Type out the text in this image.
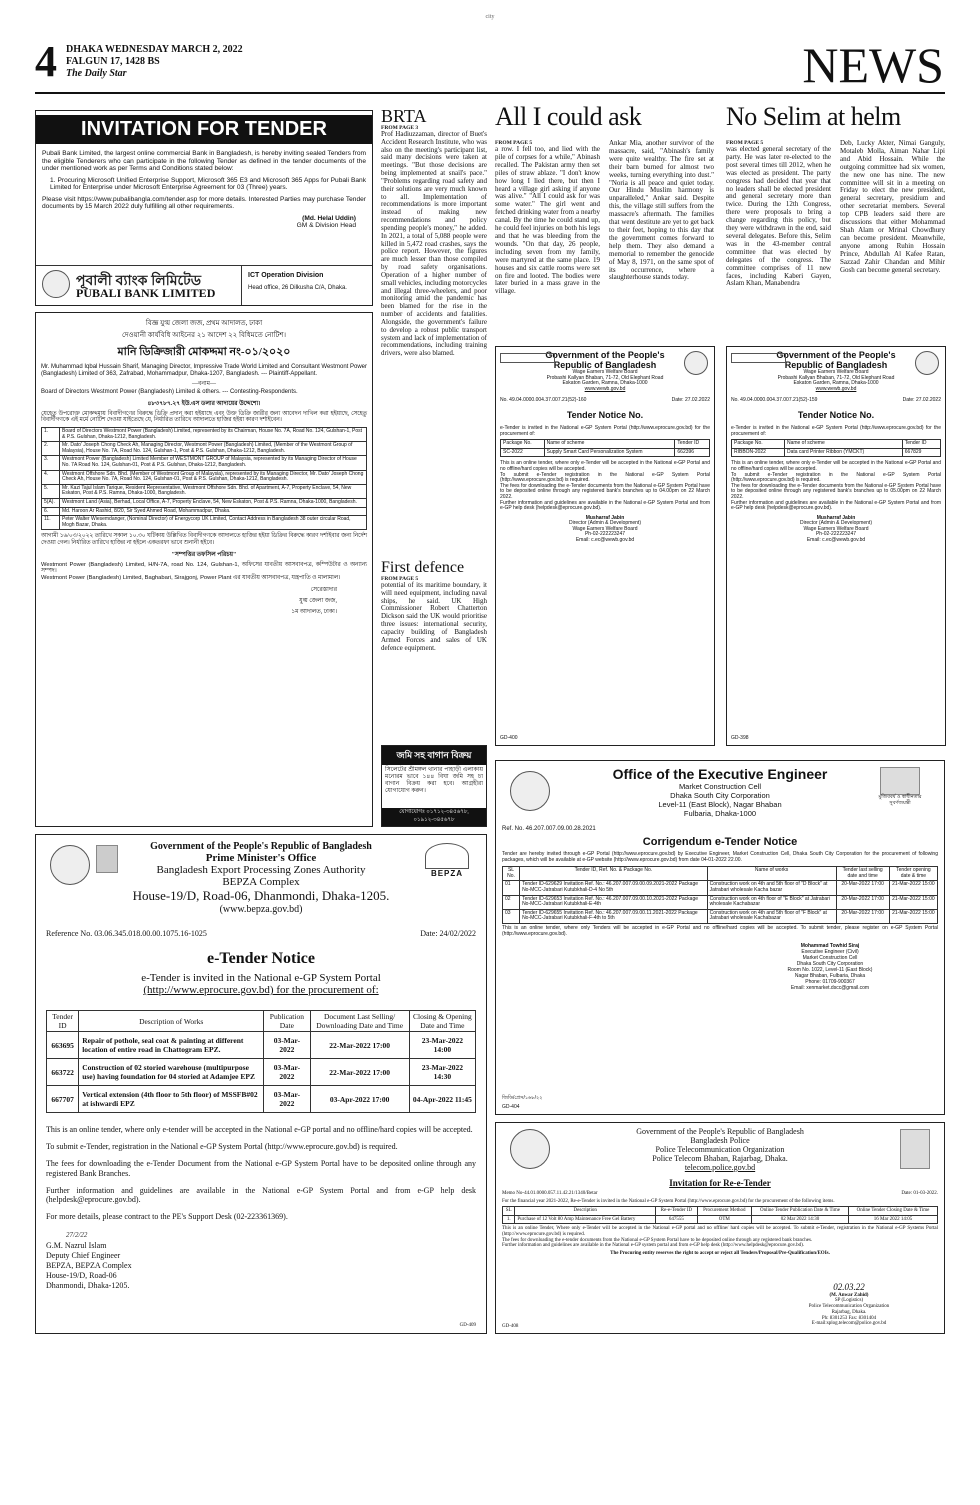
city
4 DHAKA WEDNESDAY MARCH 2, 2022
FALGUN 17, 1428 BS
The Daily Star	NEWS
INVITATION FOR TENDER
Pubali Bank Limited, the largest online commercial Bank in Bangladesh, is hereby inviting sealed Tenders from the eligible Tenderers who can participate in the following Tender as defined in the tender documents of the under mentioned work as per Terms and Conditions stated below:
1. Procuring Microsoft Unified Enterprise Support, Microsoft 365 E3 and Microsoft 365 Apps for Pubali Bank Limited for Enterprise under Microsoft Enterprise Agreement for 03 (Three) years.
Please visit https://www.pubalibangla.com/tender.asp for more details. Interested Parties may purchase Tender documents by 15 March 2022 duly fulfilling all other requirements.
(Md. Helal Uddin)
GM & Division Head
পূবালী ব্যাংক লিমিটেড
PUBALI BANK LIMITED
ICT Operation Division
Head office, 26 Dilkusha C/A, Dhaka.
বিজ্ঞ যুগ্ম জেলা জজ, প্রথম আদালত, ঢাকা
দেওয়ানী কার্যবিধি আইনের ২১ আদেশ ২২ বিধিমতে নোটিশ।
মানি ডিক্রিজারী মোকদ্দমা নং-০১/২০২০
Mr. Muhammad Iqbal Hussain Sharif, Managing Director, Impressive Trade World Limited and Consultant Westmont Power (Bangladesh) Limited of 363, Zafrabad, Mohammadpur, Dhaka-1207, Bangladesh. --- Plaintiff-Appellant.
—বনাম—
Board of Directors Westmont Power (Bangladesh) Limited & others. --- Contesting-Respondents.
৪৮৩৭৮৭.২৭ ইউ.এস ডলার আদায়ের উদ্দেশ্যে।
যেহেতু উপরোক্ত মোকদ্দমায় বিবাদীগণের বিরুদ্ধে ডিক্রি প্রদান করা হইয়াছে এবং উক্ত ডিক্রি জারীর জন্য আবেদন দাখিল করা হইয়াছে, সেহেতু বিবাদীগণকে এই মর্মে নোটিশ দেওয়া যাইতেছে যে, নির্ধারিত তারিখে আদালতে হাজির হইয়া কারণ দর্শাইবেন।
1.	Board of Directors Westmont Power (Bangladesh) Limited, represented by its Chairman, House No. 7A, Road No. 124, Gulshan-1, Post & P.S. Gulshan, Dhaka-1212, Bangladesh.
2.	Mr. Dato' Joseph Chong Check Ah, Managing Director, Westmont Power (Bangladesh) Limited, (Member of the Westmont Group of Malaysia), House No. 7A, Road No. 124, Gulshan-1, Post & P.S. Gulshan, Dhaka-1212, Bangladesh.
3.	Westmont Power (Bangladesh) Limited Member of WESTMONT GROUP of Malaysia, represented by its Managing Director of House No. 7A Road No. 124, Gulshan-01, Post & P.S. Gulshan, Dhaka-1212, Bangladesh.
4.	Westmont Offshore Sdn. Bhd. (Member of Westmont Group of Malaysia), represented by its Managing Director, Mr. Dato' Joseph Chong Check Ah, House No. 7A, Road No. 124, Gulshan-01, Post & P.S. Gulshan, Dhaka-1212, Bangladesh.
5.	Mr. Kazi Tajul Islam Tarique, Resident Representative, Westmont Offshore Sdn. Bhd. of Apartment, A-7, Property Enclave, 54, New Eskaton, Post & P.S. Ramna, Dhaka-1000, Bangladesh.
5(A).	Westmont Land (Asia), Berhad, Local Office, A-7, Property Enclave, 54, New Eskaton, Post & P.S. Ramna, Dhaka-1000, Bangladesh.
6.	Md. Haroon Ar Rashid, 8/20, Sir Syed Ahmed Road, Mohammadpur, Dhaka.
11.	Peter Walter Wiesemdanger, (Nominal Director) of Energycorp UK Limited, Contact Address in Bangladesh 38 outer circular Road, Mogh Bazar, Dhaka.
আগামী ১৬/০৩/২০২২ তারিখে সকাল ১০.৩০ ঘটিকায় উল্লিখিত বিবাদীগণকে আদালতে হাজির হইয়া ডিক্রির বিরুদ্ধে কারণ দর্শাইবার জন্য নির্দেশ দেওয়া গেল। নির্ধারিত তারিখে হাজির না হইলে একতরফা ভাবে শুনানী হইবে।
"সম্পত্তির তফসিল পরিচয়"
Westmont Power (Bangladesh) Limited, H/N-7A, road No. 124, Gulshan-1, অফিসের যাবতীয় আসবাবপত্র, কম্পিউটার ও অন্যান্য সম্পদ।
Westmont Power (Bangladesh) Limited, Baghabari, Sirajgonj, Power Plant এর যাবতীয় আসবাবপত্র, যন্ত্রপাতি ও মালামাল।
সেরেস্তাদার
যুগ্ম জেলা জজ,
১ম আদালত, ঢাকা।
BRTA
FROM PAGE 3
Prof Hadiuzzaman, director of Buet's Accident Research Institute, who was also on the meeting's participant list, said many decisions were taken at meetings. "But those decisions are being implemented at snail's pace." "Problems regarding road safety and their solutions are very much known to all. Implementation of recommendations is more important instead of making new recommendations and policy spending people's money," he added. In 2021, a total of 5,088 people were killed in 5,472 road crashes, says the police report. However, the figures are much lesser than those compiled by road safety organisations. Operation of a higher number of small vehicles, including motorcycles and illegal three-wheelers, and poor monitoring amid the pandemic has been blamed for the rise in the number of accidents and fatalities. Alongside, the government's failure to develop a robust public transport system and lack of implementation of recommendations, including training drivers, were also blamed.
First defence
FROM PAGE 5
potential of its maritime boundary, it will need equipment, including naval ships, he said. UK High Commissioner Robert Chatterton Dickson said the UK would prioritise three issues: international security, capacity building of Bangladesh Armed Forces and sales of UK defence equipment.
জমি সহ বাগান বিক্রয়
সিলেটের শ্রীমঙ্গল থানার পাহাড়ী এলাকায় মনোরম ভাবে ১৪৪ বিঘা জমি সহ চা বাগান বিক্রয় করা হবে। আগ্রহীরা যোগাযোগ করুন।
যোগাযোগঃ ০১৭১২-৩৪৫৬৭৮, ০১৯১২-৩৪৫৬৭৮
All I could ask
FROM PAGE 5
a row. I fell too, and lied with the pile of corpses for a while," Abinash recalled. The Pakistan army then set piles of straw ablaze. "I don't know how long I lied there, but then I heard a village girl asking if anyone was alive." "All I could ask for was some water." The girl went and fetched drinking water from a nearby canal. By the time he could stand up, he could feel injuries on both his legs and that he was bleeding from the wounds. "On that day, 26 people, including seven from my family, were martyred at the same place. 19 houses and six cattle rooms were set on fire and looted. The bodies were later buried in a mass grave in the village.
Ankar Mia, another survivor of the massacre, said, "Abinash's family were quite wealthy. The fire set at their barn burned for almost two weeks, turning everything into dust." "Noria is all peace and quiet today. Our Hindu Muslim harmony is unparalleled," Ankar said. Despite this, the village still suffers from the massacre's aftermath. The families that went destitute are yet to get back to their feet, hoping to this day that the government comes forward to help them. They also demand a memorial to remember the genocide of May 8, 1971, on the same spot of its occurrence, where a slaughterhouse stands today.
No Selim at helm
FROM PAGE 5
was elected general secretary of the party. He was later re-elected to the post several times till 2012, when he was elected as president. The party congress had decided that year that no leaders shall be elected president and general secretary more than twice. During the 12th Congress, there were proposals to bring a change regarding this policy, but they were withdrawn in the end, said several delegates. Before this, Selim was in the 43-member central committee that was elected by delegates of the congress. The committee comprises of 11 new faces, including Kaberi Gayen, Aslam Khan, Manabendra
Deb, Lucky Akter, Nimai Ganguly, Motaleb Molla, Aiman Nahar Lipi and Abid Hossain. While the outgoing committee had six women, the new one has nine. The new committee will sit in a meeting on Friday to elect the new president, general secretary, presidium and other secretariat members. Several top CPB leaders said there are discussions that either Mohammad Shah Alam or Mrinal Chowdhury can become president. Meanwhile, anyone among Ruhin Hossain Prince, Abdullah Al Kafee Ratan, Sazzad Zahir Chandan and Mihir Gosh can become general secretary.

Government of the People's
Republic of Bangladesh
Wage Earners Welfare Board
Probashi Kallyan Bhaban, 71-72, Old Elephant Road
Eskaton Garden, Ramna, Dhaka-1000
www.wewb.gov.bd
No. 49.04.0000.004.37.007.21(52)-160	Date: 27.02.2022
Tender Notice No.
e-Tender is invited in the National e-GP System Portal (http://www.eprocure.gov.bd) for the procurement of:
Package No.	Name of scheme	Tender ID
SC-2022	Supply Smart Card Personalization System	662396
This is an online tender, where only e-Tender will be accepted in the National e-GP Portal and no offline/hard copies will be accepted.
To submit e-Tender registration in the National e-GP System Portal (http://www.eprocure.gov.bd) is required.
The fees for downloading the e-Tender documents from the National e-GP System Portal have to be deposited online through any registered bank's branches up to 04.00pm on 22 March 2022.
Further information and guidelines are available in the National e-GP System Portal and from e-GP help desk (helpdesk@eprocure.gov.bd).
Musharraf Jabin
Director (Admin & Development)
Wage Earners Welfare Board
Ph-02-222223247
Email: c.ec@wewb.gov.bd
GD-400

Government of the People's
Republic of Bangladesh
Wage Earners Welfare Board
Probashi Kallyan Bhaban, 71-72, Old Elephant Road
Eskaton Garden, Ramna, Dhaka-1000
www.wewb.gov.bd
No. 49.04.0000.004.37.007.21(52)-159	Date: 27.02.2022
Tender Notice No.
e-Tender is invited in the National e-GP System Portal (http://www.eprocure.gov.bd) for the procurement of:
Package No.	Name of scheme	Tender ID
RIBBON-2022	Data card Printer Ribbon (YMCKT)	667829
This is an online tender, where only e-Tender will be accepted in the National e-GP Portal and no offline/hard copies will be accepted.
To submit e-Tender registration in the National e-GP System Portal (http://www.eprocure.gov.bd) is required.
The fees for downloading the e-Tender documents from the National e-GP System Portal have to be deposited online through any registered bank's branches up to 05.00pm on 22 March 2022.
Further information and guidelines are available in the National e-GP System Portal and from e-GP help desk (helpdesk@eprocure.gov.bd).
Musharraf Jabin
Director (Admin & Development)
Wage Earners Welfare Board
Ph-02-222223247
Email: c.ec@wewb.gov.bd
GD-398
BEPZA
Government of the People's Republic of Bangladesh
Prime Minister's Office
Bangladesh Export Processing Zones Authority
BEPZA Complex
House-19/D, Road-06, Dhanmondi, Dhaka-1205.
(www.bepza.gov.bd)
Reference No. 03.06.345.018.00.00.1075.16-1025	Date: 24/02/2022
e-Tender Notice
e-Tender is invited in the National e-GP System Portal
(http://www.eprocure.gov.bd) for the procurement of:
Tender ID	Description of Works	Publication Date	Document Last Selling/ Downloading Date and Time	Closing & Opening Date and Time
663695	Repair of pothole, seal coat & painting at different location of entire road in Chattogram EPZ.	03-Mar-2022	22-Mar-2022 17:00	23-Mar-2022 14:00
663722	Construction of 02 storied warehouse (multipurpose use) having foundation for 04 storied at Adamjee EPZ	03-Mar-2022	22-Mar-2022 17:00	23-Mar-2022 14:30
667707	Vertical extension (4th floor to 5th floor) of MSSFB#02 at ishwardi EPZ	03-Mar-2022	03-Apr-2022 17:00	04-Apr-2022 11:45
This is an online tender, where only e-tender will be accepted in the National e-GP portal and no offline/hard copies will be accepted.
To submit e-Tender, registration in the National e-GP System Portal (http://www.eprocure.gov.bd) is required.
The fees for downloading the e-Tender Document from the National e-GP System Portal have to be deposited online through any registered Bank Branches.
Further information and guidelines are available in the National e-GP System Portal and from e-GP help desk (helpdesk@eprocure.gov.bd).
For more details, please contract to the PE's Support Desk (02-223361369).
27/2/22
G.M. Nazrul Islam
Deputy Chief Engineer
BEPZA, BEPZA Complex
House-19/D, Road-06
Dhanmondi, Dhaka-1205.
GD-409
মুজিববর্ষ ও স্বাধীনতার সুবর্ণজয়ন্তী
Office of the Executive Engineer
Market Construction Cell
Dhaka South City Corporation
Level-11 (East Block), Nagar Bhaban
Fulbaria, Dhaka-1000
Ref. No. 46.207.007.09.00.28.2021
Corrigendum e-Tender Notice
Tender are hereby invited through e-GP Portal (http://www.eprocure.gov.bd) by Executive Engineer, Market Construction Cell, Dhaka South City Corporation for the procurement of following packages, which will be available at e-GP website (http://www.eprocure.gov.bd) from date 04-01-2022 22.00.
SL No.	Tender ID, Ref. No. & Package No.	Name of works	Tender last selling date and time	Tender opening date & time
01	Tender ID-629629 Invitation Ref. No.: 46.207.007.09.00.09.2021-2022 Package No-MCC-Jatrabari Kutubkhali-D-4 No 5th	Construction work on 4th and 5th floor of "D Block" at Jatrabari wholesale Kacha bazar	20-Mar-2022 17:00	21-Mar-2022 15:00
02	Tender ID-629653 Invitation Ref. No.: 46.207.007.09.00.10.2021-2022 Package No-MCC-Jatrabari Kutubkhali-E-4th	Construction work on 4th floor of "E Block" at Jatrabari wholesale Kachabazar	20-Mar-2022 17:00	21-Mar-2022 15:00
03	Tender ID-629655 Invitation Ref. No.: 46.207.007.09.00.11.2021-2022 Package No-MCC-Jatrabari Kutubkhali-F-4th to 5th	Construction work on 4th and 5th floor of "F Block" at Jatrabari wholesale Kachabazar	20-Mar-2022 17:00	21-Mar-2022 15:00
This is an online tender, where only Tenders will be accepted in e-GP Portal and no offline/hard copies will be accepted. To submit tender, please register on e-GP System Portal (http://www.eprocure.gov.bd).
Mohammad Towhid Siraj
Executive Engineer (Civil)
Market Construction Cell
Dhaka South City Corporation
Room No. 1022, Level-11 (East Block)
Nagar Bhaban, Fulbaria, Dhaka
Phone: 01709-900367
Email: xenmarket.dscc@gmail.com
জিডি/প্রেস/১৬৮/২২
GD-404
Government of the People's Republic of Bangladesh
Bangladesh Police
Police Telecommunication Organization
Police Telecom Bhaban, Rajarbag, Dhaka.
telecom.police.gov.bd
Invitation for Re-e-Tender
Memo No-44.01.0000.057.11.42.21/1340/Betar	Date: 01-03-2022.
For the financial year 2021-2022, Re-e-Tender is invited in the National e-GP System Portal (http://www.eprocure.gov.bd) for the procurement of the following items.
SL	Description	Re-e-Tender ID	Procurement Method	Online Tender Publication Date & Time	Online Tender Closing Date & Time
1.	Purchase of 12 Volt 80 Amp Maintenance Free Gel Battery	647555	OTM	02 Mar 2022 14:30	16 Mar 2022 14:05
This is an online Tender, Where only e-Tender will be accepted in the National e-GP portal and no offline/ hard copies will be accepted. To submit e-Tender, registration in the National e-GP Systems Portal (http://www.eprocure.gov.bd) is required.
The fees for downloading the e-tender documents from the National e-GP System Portal have to be deposited online through any registered bank branches.
Further information and guidelines are available in the National e-GP system portal and from e-GP help desk (http://www.helpdesk@eprocure.gov.bd).
The Procuring entity reserves the right to accept or reject all Tenders/Proposal/Pre-Qualification/EOIs.
02.03.22
(M. Anwar Zahid)
SP (Logistics)
Police Telecommunication Organization
Rajarbag, Dhaka.
Ph: 8301253 Fax: 8301404
E-mail:splog.telecom@police.gov.bd
GD-408
